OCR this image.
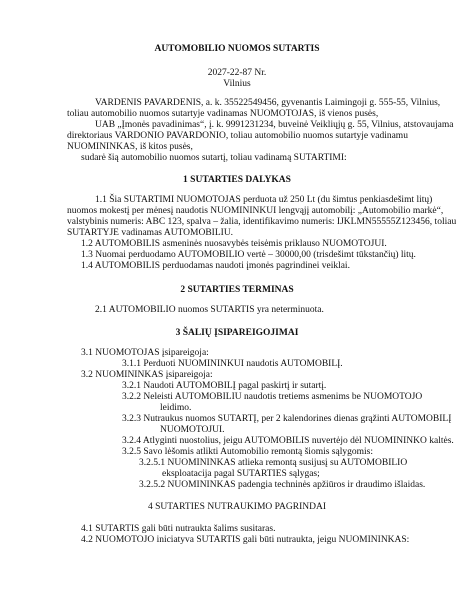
AUTOMOBILIO NUOMOS SUTARTIS
2027-22-87 Nr.
Vilnius
VARDENIS PAVARDENIS, a. k. 35522549456, gyvenantis Laimingoji g. 555-55, Vilnius,
toliau automobilio nuomos sutartyje vadinamas NUOMOTOJAS, iš vienos pusės,
UAB „Įmonės pavadinimas“, į. k. 9991231234, buveinė Veikliųjų g. 55, Vilnius, atstovaujama
direktoriaus VARDONIO PAVARDONIO, toliau automobilio nuomos sutartyje vadinamu
NUOMININKAS, iš kitos pusės,
sudarė šią automobilio nuomos sutartį, toliau vadinamą SUTARTIMI:
1 SUTARTIES DALYKAS
1.1 Šia SUTARTIMI NUOMOTOJAS perduota už 250 Lt (du šimtus penkiasdešimt litų)
nuomos mokestį per mėnesį naudotis NUOMININKUI lengvąjį automobilį: „Automobilio markė“,
valstybinis numeris: ABC 123, spalva – žalia, identifikavimo numeris: IJKLMN55555Z123456, toliau
SUTARTYJE vadinamas AUTOMOBILIU.
1.2 AUTOMOBILIS asmeninės nuosavybės teisėmis priklauso NUOMOTOJUI.
1.3 Nuomai perduodamo AUTOMOBILIO vertė – 30000,00 (trisdešimt tūkstančių) litų.
1.4 AUTOMOBILIS perduodamas naudoti įmonės pagrindinei veiklai.
2 SUTARTIES TERMINAS
2.1 AUTOMOBILIO nuomos SUTARTIS yra neterminuota.
3 ŠALIŲ ĮSIPAREIGOJIMAI
3.1 NUOMOTOJAS įsipareigoja:
3.1.1 Perduoti NUOMININKUI naudotis AUTOMOBILĮ.
3.2 NUOMININKAS įsipareigoja:
3.2.1 Naudoti AUTOMOBILĮ pagal paskirtį ir sutartį.
3.2.2 Neleisti AUTOMOBILIU naudotis tretiems asmenims be NUOMOTOJO
leidimo.
3.2.3 Nutraukus nuomos SUTARTĮ, per 2 kalendorines dienas grąžinti AUTOMOBILĮ
NUOMOTOJUI.
3.2.4 Atlyginti nuostolius, jeigu AUTOMOBILIS nuvertėjo dėl NUOMININKO kaltės.
3.2.5 Savo lėšomis atlikti Automobilio remontą šiomis sąlygomis:
3.2.5.1 NUOMININKAS atlieka remontą susijusį su AUTOMOBILIO
eksploatacija pagal SUTARTIES sąlygas;
3.2.5.2 NUOMININKAS padengia techninės apžiūros ir draudimo išlaidas.
4 SUTARTIES NUTRAUKIMO PAGRINDAI
4.1 SUTARTIS gali būti nutraukta šalims susitaras.
4.2 NUOMOTOJO iniciatyva SUTARTIS gali būti nutraukta, jeigu NUOMININKAS:
